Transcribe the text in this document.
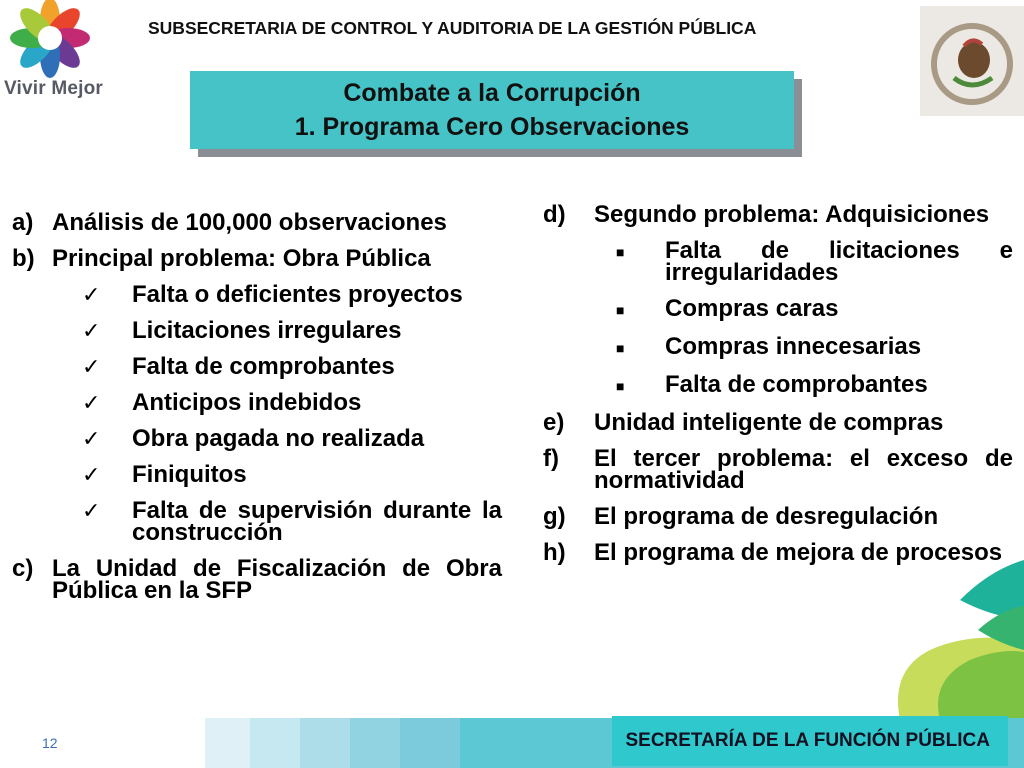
Vivir Mejor
SUBSECRETARIA DE CONTROL Y AUDITORIA DE LA GESTIÓN PÚBLICA
Combate a la Corrupción
1. Programa Cero Observaciones
a) Análisis de 100,000 observaciones
b) Principal problema: Obra Pública
✓	Falta o deficientes proyectos
✓	Licitaciones irregulares
✓	Falta de comprobantes
✓	Anticipos indebidos
✓	Obra pagada no realizada
✓	Finiquitos
✓	Falta de supervisión durante la construcción
c) La Unidad de Fiscalización de Obra Pública en la SFP
d)	Segundo problema: Adquisiciones
■	Falta de licitaciones e irregularidades
■	Compras caras
■	Compras innecesarias
■	Falta de comprobantes
e)	Unidad inteligente de compras
f)	El tercer problema: el exceso de normatividad
g)	El programa de desregulación
h)	El programa de mejora de procesos
12	SECRETARÍA DE LA FUNCIÓN PÚBLICA
